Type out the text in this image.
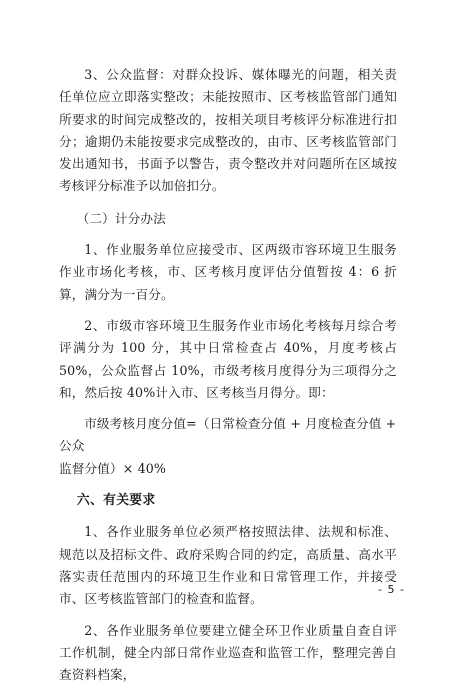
3、公众监督：对群众投诉、媒体曝光的问题，相关责任单位应立即落实整改；未能按照市、区考核监管部门通知所要求的时间完成整改的，按相关项目考核评分标准进行扣分；逾期仍未能按要求完成整改的，由市、区考核监管部门发出通知书，书面予以警告，责令整改并对问题所在区域按考核评分标准予以加倍扣分。

（二）计分办法

1、作业服务单位应接受市、区两级市容环境卫生服务作业市场化考核，市、区考核月度评估分值暂按 4：6 折算，满分为一百分。

2、市级市容环境卫生服务作业市场化考核每月综合考评满分为 100 分，其中日常检查占 40%，月度考核占 50%，公众监督占 10%，市级考核月度得分为三项得分之和，然后按 40%计入市、区考核当月得分。即：

市级考核月度分值=（日常检查分值 + 月度检查分值 + 公众

监督分值）× 40%

六、有关要求

1、各作业服务单位必须严格按照法律、法规和标准、规范以及招标文件、政府采购合同的约定，高质量、高水平落实责任范围内的环境卫生作业和日常管理工作，并接受市、区考核监管部门的检查和监督。

2、各作业服务单位要建立健全环卫作业质量自查自评工作机制，健全内部日常作业巡查和监管工作，整理完善自查资料档案，

- 5 -
